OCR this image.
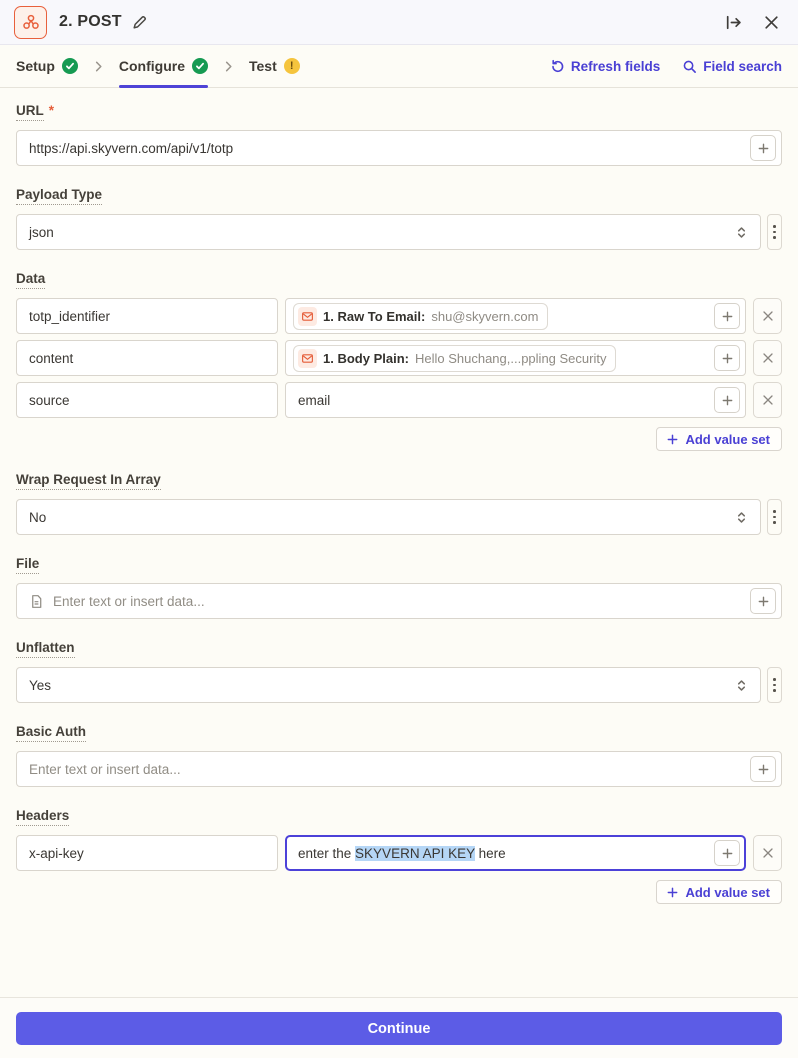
2. POST
Setup	Configure	Test	!	Refresh fields	Field search
URL *
https://api.skyvern.com/api/v1/totp
Payload Type
json
Data
totp_identifier	1. Raw To Email: shu@skyvern.com
content	1. Body Plain: Hello Shuchang,...ppling Security
source	email
Add value set
Wrap Request In Array
No
File
Enter text or insert data...
Unflatten
Yes
Basic Auth
Enter text or insert data...
Headers
x-api-key	enter the SKYVERN API KEY here
Add value set
Continue
